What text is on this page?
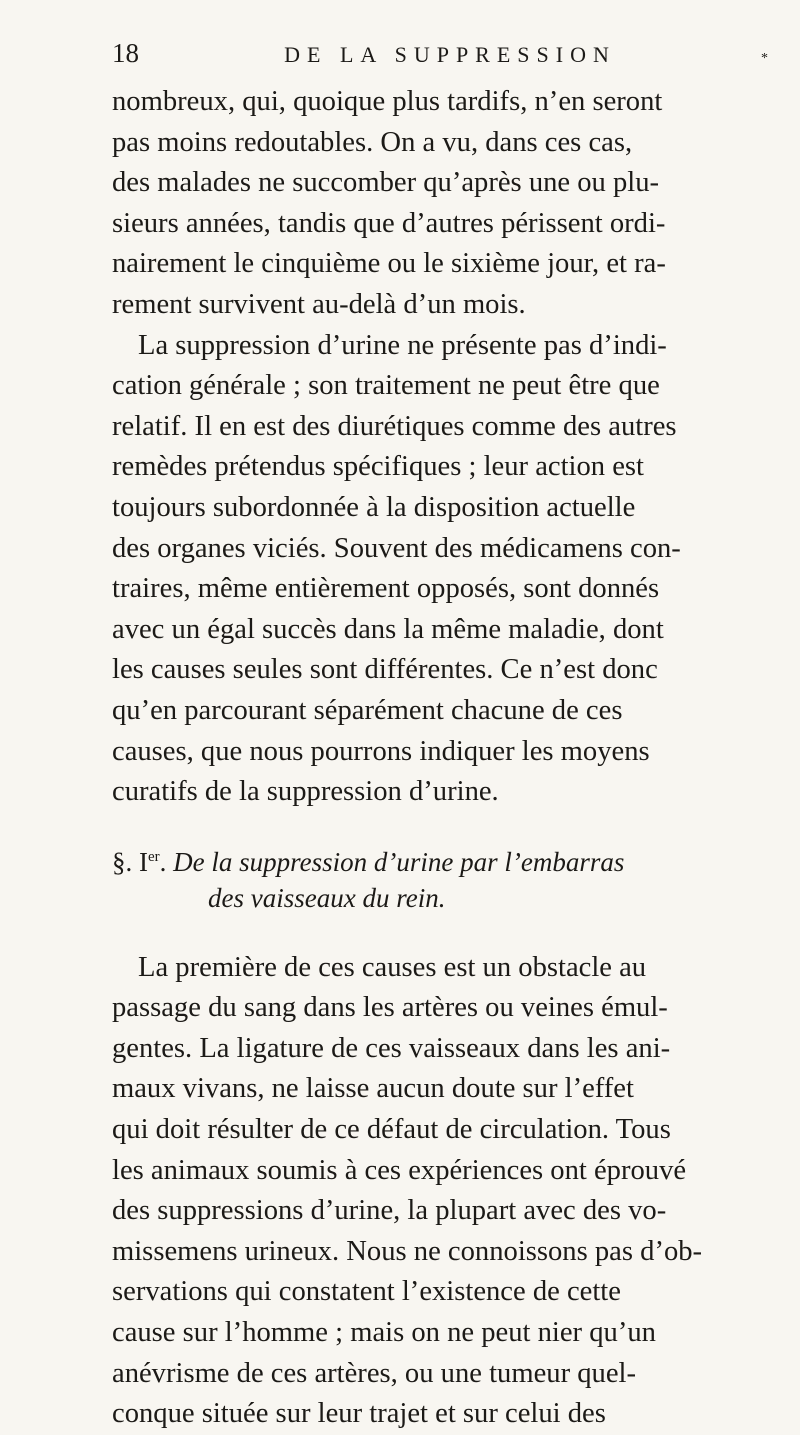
18	DE LA SUPPRESSION	*

nombreux, qui, quoique plus tardifs, n’en seront
pas moins redoutables. On a vu, dans ces cas,
des malades ne succomber qu’après une ou plu-
sieurs années, tandis que d’autres périssent ordi-
nairement le cinquième ou le sixième jour, et ra-
rement survivent au-delà d’un mois.

La suppression d’urine ne présente pas d’indi-
cation générale ; son traitement ne peut être que
relatif. Il en est des diurétiques comme des autres
remèdes prétendus spécifiques ; leur action est
toujours subordonnée à la disposition actuelle
des organes viciés. Souvent des médicamens con-
traires, même entièrement opposés, sont donnés
avec un égal succès dans la même maladie, dont
les causes seules sont différentes. Ce n’est donc
qu’en parcourant séparément chacune de ces
causes, que nous pourrons indiquer les moyens
curatifs de la suppression d’urine.

§. Ier. De la suppression d’urine par l’embarras
des vaisseaux du rein.

La première de ces causes est un obstacle au
passage du sang dans les artères ou veines émul-
gentes. La ligature de ces vaisseaux dans les ani-
maux vivans, ne laisse aucun doute sur l’effet
qui doit résulter de ce défaut de circulation. Tous
les animaux soumis à ces expériences ont éprouvé
des suppressions d’urine, la plupart avec des vo-
missemens urineux. Nous ne connoissons pas d’ob-
servations qui constatent l’existence de cette
cause sur l’homme ; mais on ne peut nier qu’un
anévrisme de ces artères, ou une tumeur quel-
conque située sur leur trajet et sur celui des
